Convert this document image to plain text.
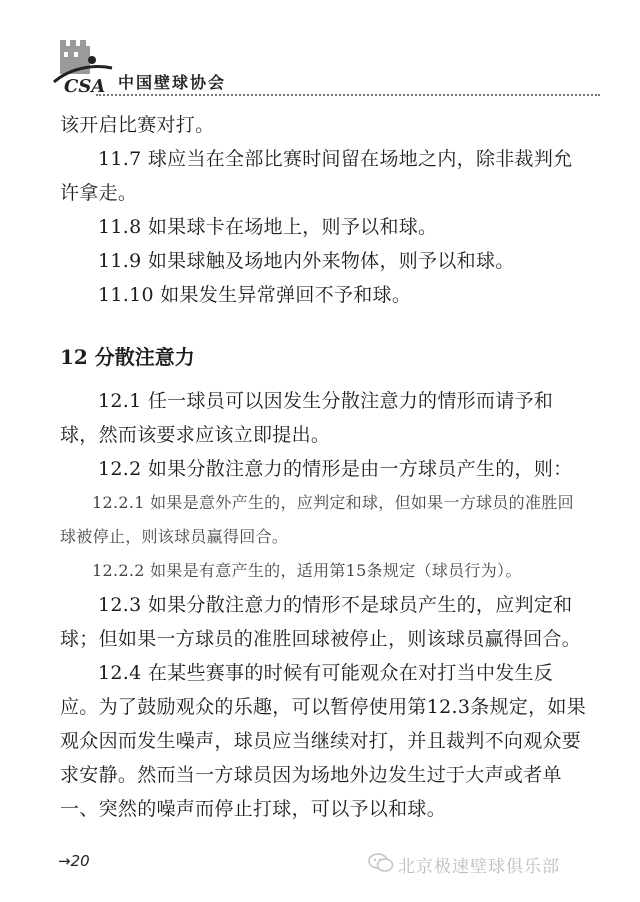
CSA 中国壁球协会

该开启比赛对打。

11.7 球应当在全部比赛时间留在场地之内，除非裁判允许拿走。

11.8 如果球卡在场地上，则予以和球。

11.9 如果球触及场地内外来物体，则予以和球。

11.10 如果发生异常弹回不予和球。

12 分散注意力

12.1 任一球员可以因发生分散注意力的情形而请予和球，然而该要求应该立即提出。

12.2 如果分散注意力的情形是由一方球员产生的，则：

12.2.1 如果是意外产生的，应判定和球，但如果一方球员的准胜回球被停止，则该球员赢得回合。

12.2.2 如果是有意产生的，适用第15条规定（球员行为）。

12.3 如果分散注意力的情形不是球员产生的，应判定和球；但如果一方球员的准胜回球被停止，则该球员赢得回合。

12.4 在某些赛事的时候有可能观众在对打当中发生反应。为了鼓励观众的乐趣，可以暂停使用第12.3条规定，如果观众因而发生噪声，球员应当继续对打，并且裁判不向观众要求安静。然而当一方球员因为场地外边发生过于大声或者单一、突然的噪声而停止打球，可以予以和球。

→20	北京极速壁球俱乐部
